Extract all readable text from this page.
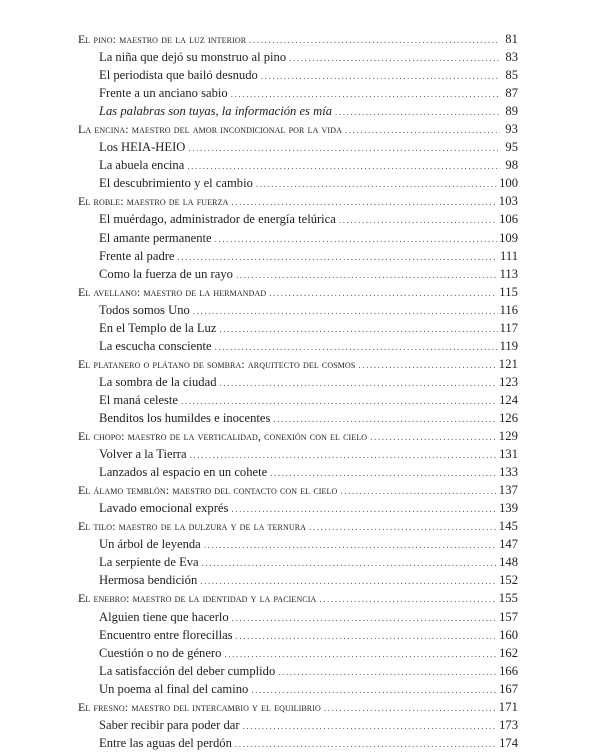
El pino: maestro de la luz interior .....	81
La niña que dejó su monstruo al pino .....	83
El periodista que bailó desnudo .....	85
Frente a un anciano sabio .....	87
Las palabras son tuyas, la información es mía .....	89
La encina: maestro del amor incondicional por la vida .....	93
Los HEIA-HEIO .....	95
La abuela encina .....	98
El descubrimiento y el cambio .....	100
El roble: maestro de la fuerza .....	103
El muérdago, administrador de energía telúrica .....	106
El amante permanente .....	109
Frente al padre .....	111
Como la fuerza de un rayo .....	113
El avellano: maestro de la hermandad .....	115
Todos somos Uno .....	116
En el Templo de la Luz .....	117
La escucha consciente .....	119
El platanero o plátano de sombra: arquitecto del cosmos .....	121
La sombra de la ciudad .....	123
El maná celeste .....	124
Benditos los humildes e inocentes .....	126
El chopo: maestro de la verticalidad, conexión con el cielo .....	129
Volver a la Tierra .....	131
Lanzados al espacio en un cohete .....	133
El álamo temblón: maestro del contacto con el cielo .....	137
Lavado emocional exprés .....	139
El tilo: maestro de la dulzura y de la ternura .....	145
Un árbol de leyenda .....	147
La serpiente de Eva .....	148
Hermosa bendición .....	152
El enebro: maestro de la identidad y la paciencia .....	155
Alguien tiene que hacerlo .....	157
Encuentro entre florecillas .....	160
Cuestión o no de género .....	162
La satisfacción del deber cumplido .....	166
Un poema al final del camino .....	167
El fresno: maestro del intercambio y el equilibrio .....	171
Saber recibir para poder dar .....	173
Entre las aguas del perdón .....	174
